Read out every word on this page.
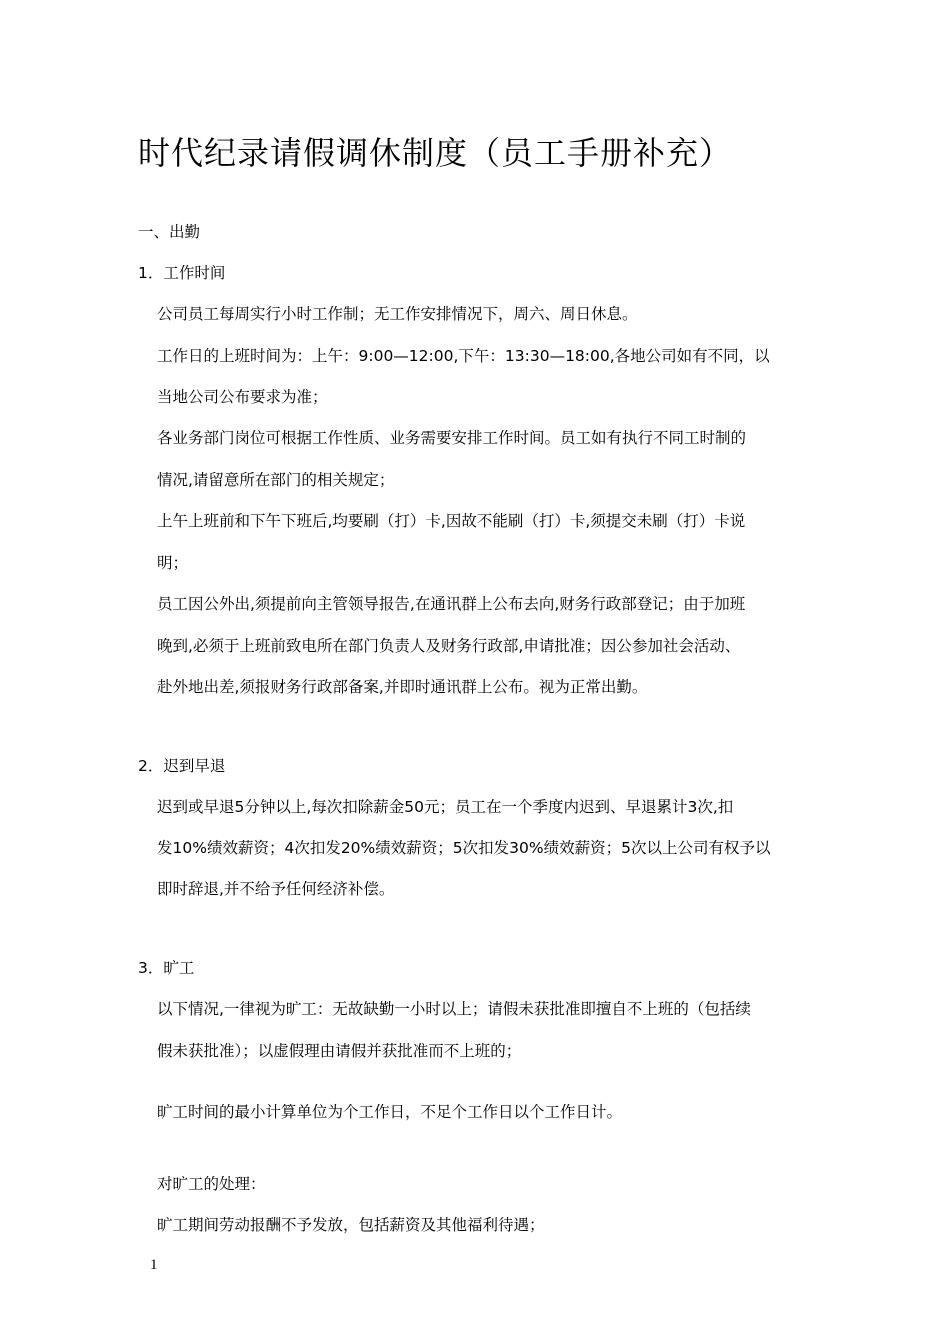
时代纪录请假调休制度（员工手册补充）
一、出勤
1．工作时间
公司员工每周实行小时工作制；无工作安排情况下，周六、周日休息。
工作日的上班时间为：上午：9:00—12:00,下午：13:30—18:00,各地公司如有不同，以
当地公司公布要求为准；
各业务部门岗位可根据工作性质、业务需要安排工作时间。员工如有执行不同工时制的
情况,请留意所在部门的相关规定；
上午上班前和下午下班后,均要刷（打）卡,因故不能刷（打）卡,须提交未刷（打）卡说
明；
员工因公外出,须提前向主管领导报告,在通讯群上公布去向,财务行政部登记；由于加班
晚到,必须于上班前致电所在部门负责人及财务行政部,申请批准；因公参加社会活动、
赴外地出差,须报财务行政部备案,并即时通讯群上公布。视为正常出勤。
2．迟到早退
迟到或早退5分钟以上,每次扣除薪金50元；员工在一个季度内迟到、早退累计3次,扣
发10%绩效薪资；4次扣发20%绩效薪资；5次扣发30%绩效薪资；5次以上公司有权予以
即时辞退,并不给予任何经济补偿。
3．旷工
以下情况,一律视为旷工：无故缺勤一小时以上；请假未获批准即擅自不上班的（包括续
假未获批准）；以虚假理由请假并获批准而不上班的；
旷工时间的最小计算单位为个工作日，不足个工作日以个工作日计。
对旷工的处理：
旷工期间劳动报酬不予发放，包括薪资及其他福利待遇；
1
